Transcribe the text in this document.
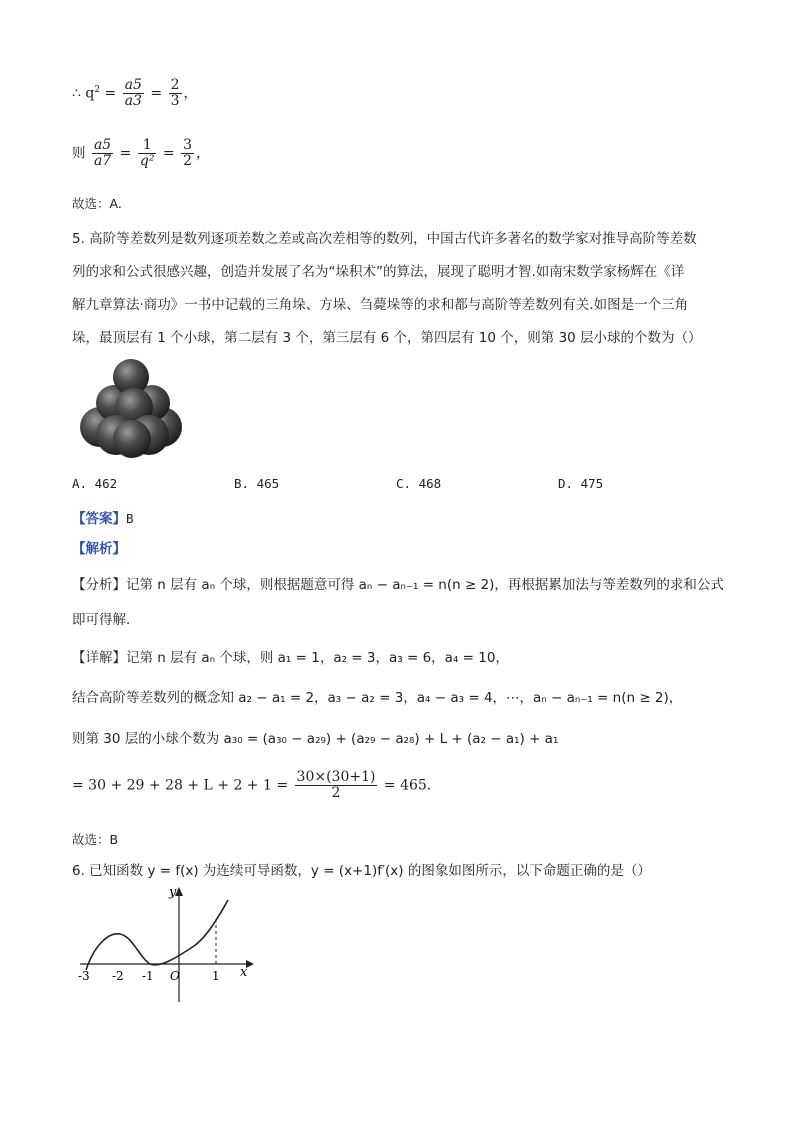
∴ $q^2 = \frac{a5}{a3} = \frac{2}{3}$ ，
则 $\frac{a5}{a7} = \frac{1}{\text{q²}} = \frac{3}{2}$ ，
故选：A.
5. 高阶等差数列是数列逐项差数之差或高次差相等的数列，中国古代许多著名的数学家对推导高阶等差数
列的求和公式很感兴趣，创造并发展了名为“垛积术”的算法，展现了聪明才智.如南宋数学家杨辉在《详
解九章算法·商功》一书中记载的三角垛、方垛、刍薨垛等的求和都与高阶等差数列有关.如图是一个三角
垛，最顶层有 1 个小球，第二层有 3 个，第三层有 6 个，第四层有 10 个，则第 30 层小球的个数为（）
A. 462	B. 465	C. 468	D. 475
【答案】B
【解析】
【分析】记第 n 层有 aₙ 个球，则根据题意可得 aₙ − aₙ₋₁ = n(n ≥ 2)，再根据累加法与等差数列的求和公式
即可得解.
【详解】记第 n 层有 aₙ 个球，则 a₁ = 1，a₂ = 3，a₃ = 6，a₄ = 10，
结合高阶等差数列的概念知 a₂ − a₁ = 2，a₃ − a₂ = 3，a₄ − a₃ = 4，⋯，aₙ − aₙ₋₁ = n(n ≥ 2)，
则第 30 层的小球个数为 a₃₀ = (a₃₀ − a₂₉) + (a₂₉ − a₂₈) + L + (a₂ − a₁) + a₁
= $30 + 29 + 28 + L + 2 + 1 = \frac{30\times(30+1)}{2} = 465$.
故选：B
6. 已知函数 y = f(x) 为连续可导函数，y = (x+1)f′(x) 的图象如图所示，以下命题正确的是（）
y
x
O
-3 -2 -1	1
